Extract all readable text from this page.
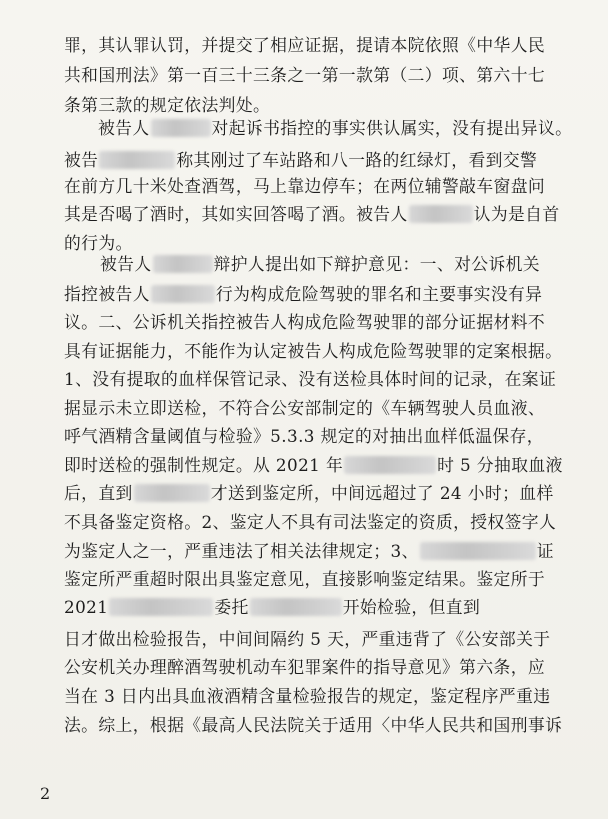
罪，其认罪认罚，并提交了相应证据，提请本院依照《中华人民
共和国刑法》第一百三十三条之一第一款第（二）项、第六十七
条第三款的规定依法判处。
被告人	对起诉书指控的事实供认属实，没有提出异议。
被告	称其刚过了车站路和八一路的红绿灯，看到交警
在前方几十米处查酒驾，马上靠边停车；在两位辅警敲车窗盘问
其是否喝了酒时，其如实回答喝了酒。被告人	认为是自首
的行为。
被告人	辩护人提出如下辩护意见：一、对公诉机关
指控被告人	行为构成危险驾驶的罪名和主要事实没有异
议。二、公诉机关指控被告人构成危险驾驶罪的部分证据材料不
具有证据能力，不能作为认定被告人构成危险驾驶罪的定案根据。
1、没有提取的血样保管记录、没有送检具体时间的记录，在案证
据显示未立即送检，不符合公安部制定的《车辆驾驶人员血液、
呼气酒精含量阈值与检验》5.3.3 规定的对抽出血样低温保存，
即时送检的强制性规定。从 2021 年	时 5 分抽取血液
后，直到	才送到鉴定所，中间远超过了 24 小时；血样
不具备鉴定资格。2、鉴定人不具有司法鉴定的资质，授权签字人
为鉴定人之一，严重违法了相关法律规定；3、	证
鉴定所严重超时限出具鉴定意见，直接影响鉴定结果。鉴定所于
2021	委托	开始检验，但直到
日才做出检验报告，中间间隔约 5 天，严重违背了《公安部关于
公安机关办理醉酒驾驶机动车犯罪案件的指导意见》第六条，应
当在 3 日内出具血液酒精含量检验报告的规定，鉴定程序严重违
法。综上，根据《最高人民法院关于适用〈中华人民共和国刑事诉
2
